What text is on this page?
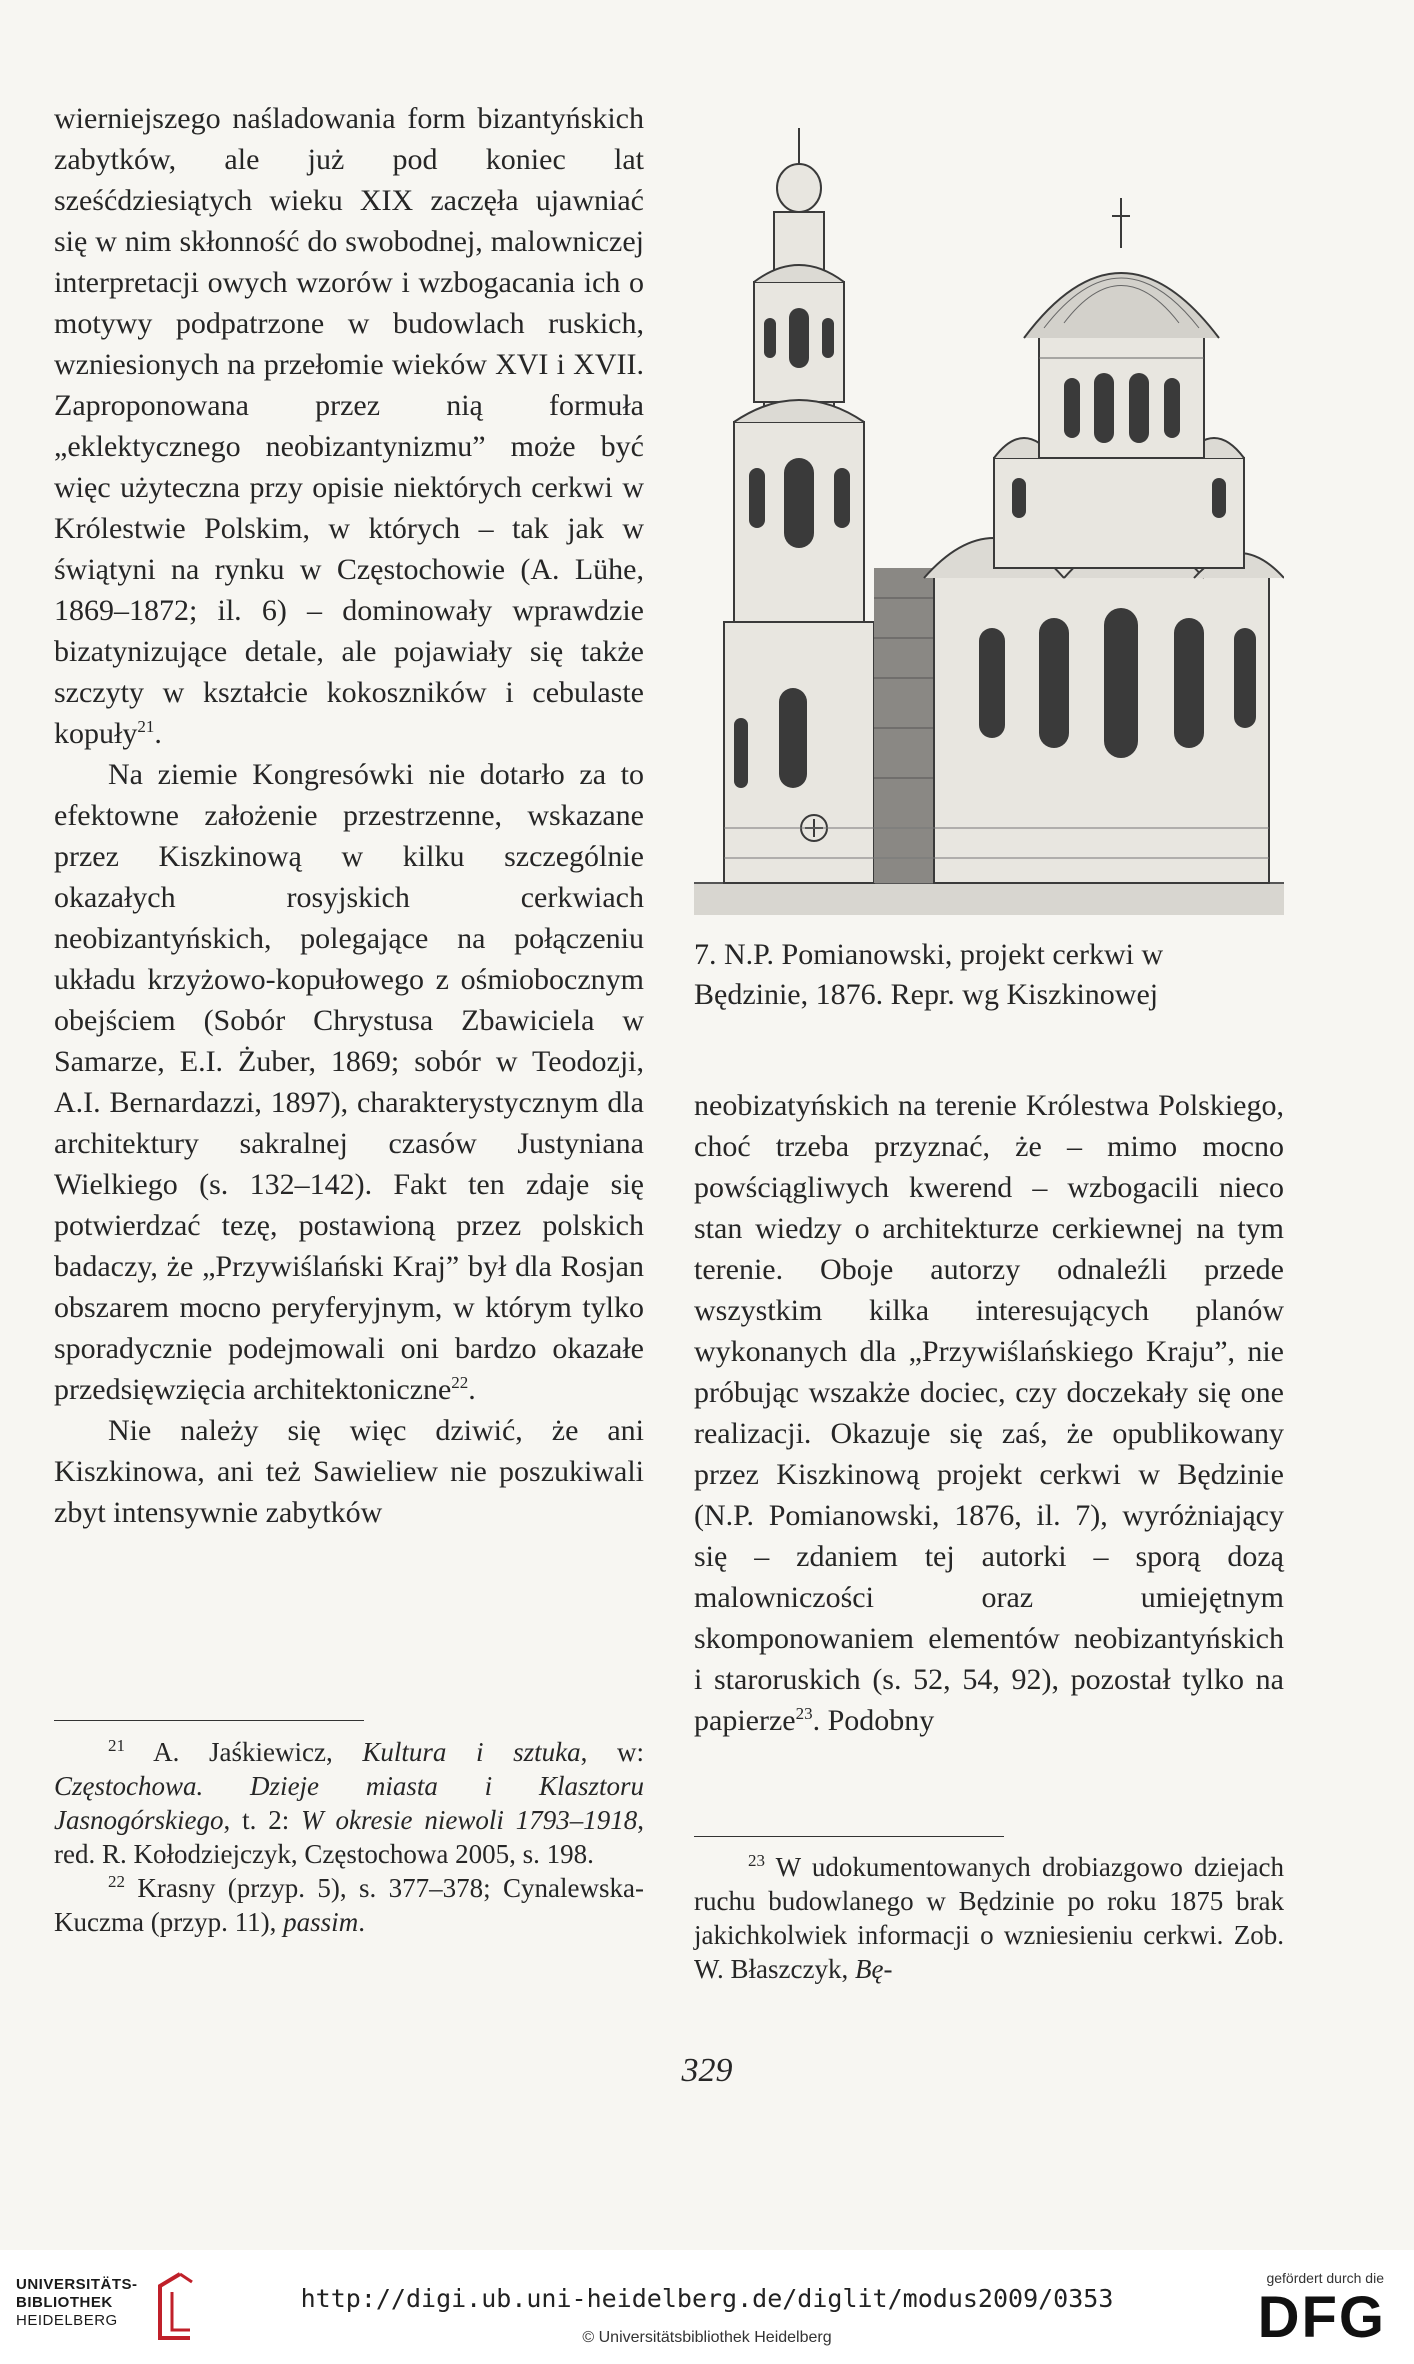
wierniejszego naśladowania form bizantyńskich zabytków, ale już pod koniec lat sześćdziesiątych wieku XIX zaczęła ujawniać się w nim skłonność do swobodnej, malowniczej interpretacji owych wzorów i wzbogacania ich o motywy podpatrzone w budowlach ruskich, wzniesionych na przełomie wieków XVI i XVII. Zaproponowana przez nią formuła „eklektycznego neobizantynizmu” może być więc użyteczna przy opisie niektórych cerkwi w Królestwie Polskim, w których – tak jak w świątyni na rynku w Częstochowie (A. Lühe, 1869–1872; il. 6) – dominowały wprawdzie bizatynizujące detale, ale pojawiały się także szczyty w kształcie kokoszników i cebulaste kopuły$^{21}$.

Na ziemie Kongresówki nie dotarło za to efektowne założenie przestrzenne, wskazane przez Kiszkinową w kilku szczególnie okazałych rosyjskich cerkwiach neobizantyńskich, polegające na połączeniu układu krzyżowo-kopułowego z ośmiobocznym obejściem (Sobór Chrystusa Zbawiciela w Samarze, E.I. Żuber, 1869; sobór w Teodozji, A.I. Bernardazzi, 1897), charakterystycznym dla architektury sakralnej czasów Justyniana Wielkiego (s. 132–142). Fakt ten zdaje się potwierdzać tezę, postawioną przez polskich badaczy, że „Przywiślański Kraj” był dla Rosjan obszarem mocno peryferyjnym, w którym tylko sporadycznie podejmowali oni bardzo okazałe przedsięwzięcia architektoniczne$^{22}$.

Nie należy się więc dziwić, że ani Kiszkinowa, ani też Sawieliew nie poszukiwali zbyt intensywnie zabytków

$^{21}$ A. Jaśkiewicz, Kultura i sztuka, w: Częstochowa. Dzieje miasta i Klasztoru Jasnogórskiego, t. 2: W okresie niewoli 1793–1918, red. R. Kołodziejczyk, Częstochowa 2005, s. 198.

$^{22}$ Krasny (przyp. 5), s. 377–378; Cynalewska-Kuczma (przyp. 11), passim.

7. N.P. Pomianowski, projekt cerkwi w Będzinie, 1876. Repr. wg Kiszkinowej

neobizatyńskich na terenie Królestwa Polskiego, choć trzeba przyznać, że – mimo mocno powściągliwych kwerend – wzbogacili nieco stan wiedzy o architekturze cerkiewnej na tym terenie. Oboje autorzy odnaleźli przede wszystkim kilka interesujących planów wykonanych dla „Przywiślańskiego Kraju”, nie próbując wszakże dociec, czy doczekały się one realizacji. Okazuje się zaś, że opublikowany przez Kiszkinową projekt cerkwi w Będzinie (N.P. Pomianowski, 1876, il. 7), wyróżniający się – zdaniem tej autorki – sporą dozą malowniczości oraz umiejętnym skomponowaniem elementów neobizantyńskich i staroruskich (s. 52, 54, 92), pozostał tylko na papierze$^{23}$. Podobny

$^{23}$ W udokumentowanych drobiazgowo dziejach ruchu budowlanego w Będzinie po roku 1875 brak jakichkolwiek informacji o wzniesieniu cerkwi. Zob. W. Błaszczyk, Bę-

329
UNIVERSITÄTS-
BIBLIOTHEK
HEIDELBERG
http://digi.ub.uni-heidelberg.de/diglit/modus2009/0353
© Universitätsbibliothek Heidelberg
gefördert durch die
DFG
